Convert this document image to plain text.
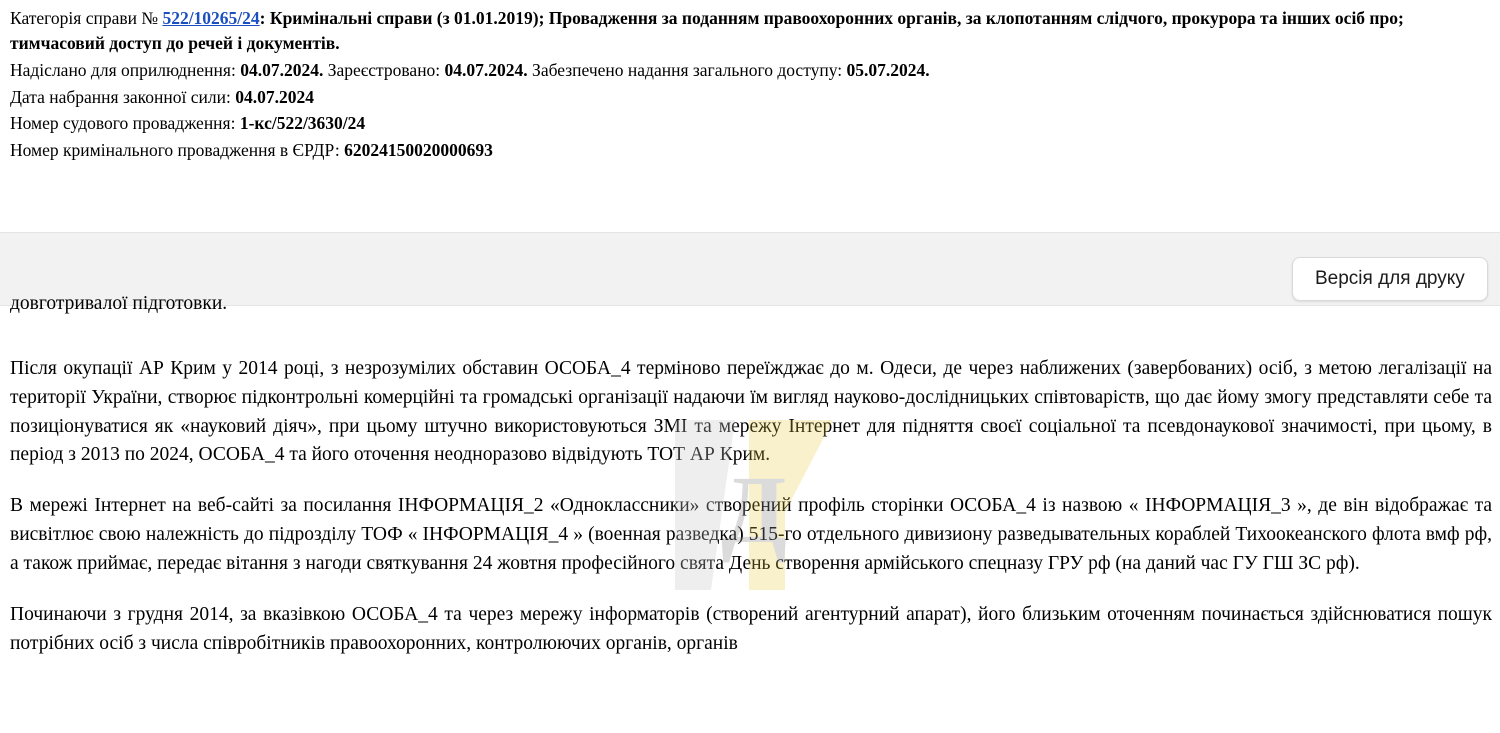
Категорія справи № 522/10265/24: Кримінальні справи (з 01.01.2019); Провадження за поданням правоохоронних органів, за клопотанням слідчого, прокурора та інших осіб про; тимчасовий доступ до речей і документів.
Надіслано для оприлюднення: 04.07.2024. Зареєстровано: 04.07.2024. Забезпечено надання загального доступу: 05.07.2024.
Дата набрання законної сили: 04.07.2024
Номер судового провадження: 1-кс/522/3630/24
Номер кримінального провадження в ЄРДР: 62024150020000693
Версія для друку

довготривалої підготовки.

Після окупації АР Крим у 2014 році, з незрозумілих обставин ОСОБА_4 терміново переїжджає до м. Одеси, де через наближених (завербованих) осіб, з метою легалізації на території України, створює підконтрольні комерційні та громадські організації надаючи їм вигляд науково-дослідницьких співтоваріств, що дає йому змогу представляти себе та позиціонуватися як «науковий діяч», при цьому штучно використовуються ЗМІ та мережу Інтернет для підняття своєї соціальної та псевдонаукової значимості, при цьому, в період з 2013 по 2024, ОСОБА_4 та його оточення неодноразово відвідують ТОТ АР Крим.

В мережі Інтернет на веб-сайті за посилання ІНФОРМАЦІЯ_2 «Одноклассники» створений профіль сторінки ОСОБА_4 із назвою « ІНФОРМАЦІЯ_3 », де він відображає та висвітлює свою належність до підрозділу ТОФ « ІНФОРМАЦІЯ_4 » (военная разведка) 515-го отдельного дивизиону разведывательных кораблей Тихоокеанского флота вмф рф, а також приймає, передає вітання з нагоди святкування 24 жовтня професійного свята День створення армійського спецназу ГРУ рф (на даний час ГУ ГШ ЗС рф).

Починаючи з грудня 2014, за вказівкою ОСОБА_4 та через мережу інформаторів (створений агентурний апарат), його близьким оточенням починається здійснюватися пошук потрібних осіб з числа співробітників правоохоронних, контролюючих органів, органів

Д
